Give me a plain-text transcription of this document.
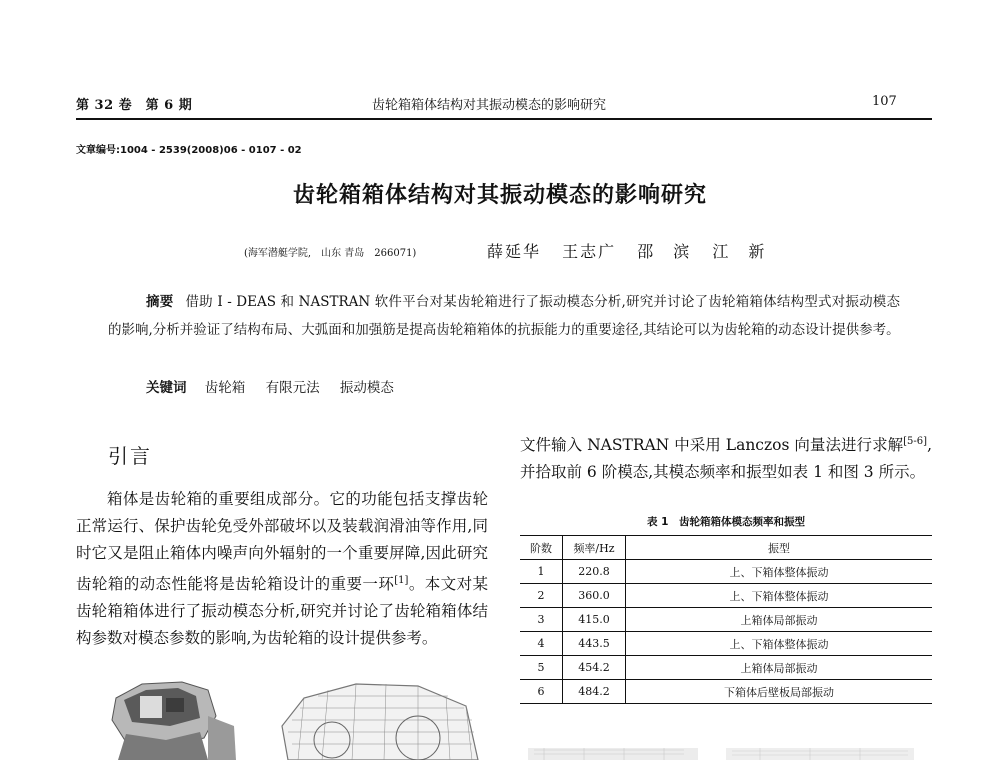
第 32 卷　第 6 期	齿轮箱箱体结构对其振动模态的影响研究	107
文章编号:1004 - 2539(2008)06 - 0107 - 02
齿轮箱箱体结构对其振动模态的影响研究
(海军潜艇学院,　山东 青岛　266071)	薛延华 王志广 邵　滨 江　新
摘要 借助 I - DEAS 和 NASTRAN 软件平台对某齿轮箱进行了振动模态分析,研究并讨论了齿轮箱箱体结构型式对振动模态的影响,分析并验证了结构布局、大弧面和加强筋是提高齿轮箱箱体的抗振能力的重要途径,其结论可以为齿轮箱的动态设计提供参考。
关键词 齿轮箱 有限元法 振动模态
引言
箱体是齿轮箱的重要组成部分。它的功能包括支撑齿轮正常运行、保护齿轮免受外部破坏以及装载润滑油等作用,同时它又是阻止箱体内噪声向外辐射的一个重要屏障,因此研究齿轮箱的动态性能将是齿轮箱设计的重要一环[1]。本文对某齿轮箱箱体进行了振动模态分析,研究并讨论了齿轮箱箱体结构参数对模态参数的影响,为齿轮箱的设计提供参考。
文件输入 NASTRAN 中采用 Lanczos 向量法进行求解[5-6],并拾取前 6 阶模态,其模态频率和振型如表 1 和图 3 所示。
表 1　齿轮箱箱体模态频率和振型
阶数	频率/Hz	振型
1	220.8	上、下箱体整体振动
2	360.0	上、下箱体整体振动
3	415.0	上箱体局部振动
4	443.5	上、下箱体整体振动
5	454.2	上箱体局部振动
6	484.2	下箱体后壁板局部振动
